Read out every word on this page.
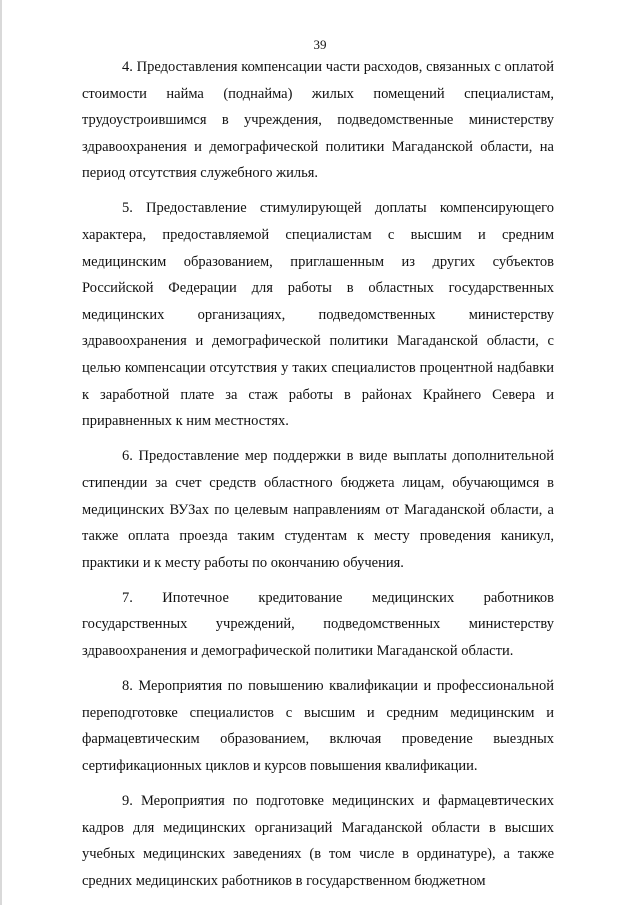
39

4. Предоставления компенсации части расходов, связанных с оплатой стоимости найма (поднайма) жилых помещений специалистам, трудоустроившимся в учреждения, подведомственные министерству здравоохранения и демографической политики Магаданской области, на период отсутствия служебного жилья.

5. Предоставление стимулирующей доплаты компенсирующего характера, предоставляемой специалистам с высшим и средним медицинским образованием, приглашенным из других субъектов Российской Федерации для работы в областных государственных медицинских организациях, подведомственных министерству здравоохранения и демографической политики Магаданской области, с целью компенсации отсутствия у таких специалистов процентной надбавки к заработной плате за стаж работы в районах Крайнего Севера и приравненных к ним местностях.

6. Предоставление мер поддержки в виде выплаты дополнительной стипендии за счет средств областного бюджета лицам, обучающимся в медицинских ВУЗах по целевым направлениям от Магаданской области, а также оплата проезда таким студентам к месту проведения каникул, практики и к месту работы по окончанию обучения.

7. Ипотечное кредитование медицинских работников государственных учреждений, подведомственных министерству здравоохранения и демографической политики Магаданской области.

8. Мероприятия по повышению квалификации и профессиональной переподготовке специалистов с высшим и средним медицинским и фармацевтическим образованием, включая проведение выездных сертификационных циклов и курсов повышения квалификации.

9. Мероприятия по подготовке медицинских и фармацевтических кадров для медицинских организаций Магаданской области в высших учебных медицинских заведениях (в том числе в ординатуре), а также средних медицинских работников в государственном бюджетном
